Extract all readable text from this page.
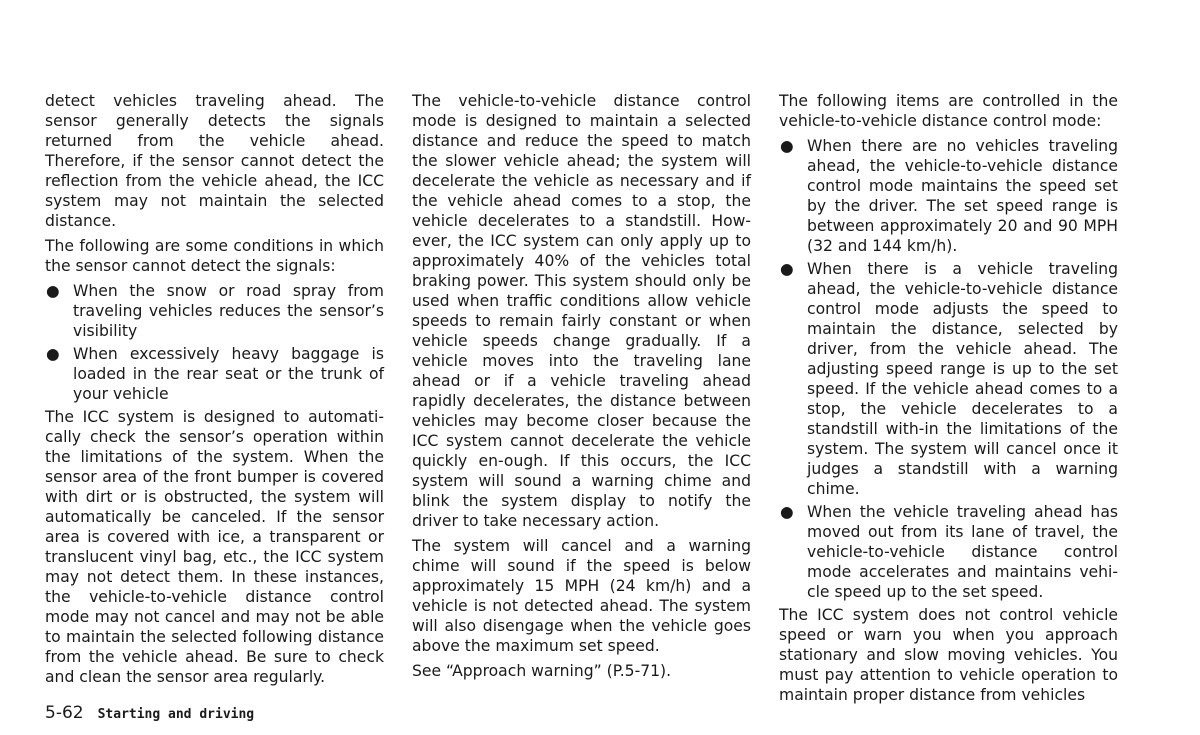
detect vehicles traveling ahead. The sensor generally detects the signals returned from the vehicle ahead. Therefore, if the sensor cannot detect the reflection from the vehicle ahead, the ICC system may not maintain the selected distance.

The following are some conditions in which the sensor cannot detect the signals:

● When the snow or road spray from traveling vehicles reduces the sensor’s visibility
● When excessively heavy baggage is loaded in the rear seat or the trunk of your vehicle

The ICC system is designed to automati-cally check the sensor’s operation within the limitations of the system. When the sensor area of the front bumper is covered with dirt or is obstructed, the system will automatically be canceled. If the sensor area is covered with ice, a transparent or translucent vinyl bag, etc., the ICC system may not detect them. In these instances, the vehicle-to-vehicle distance control mode may not cancel and may not be able to maintain the selected following distance from the vehicle ahead. Be sure to check and clean the sensor area regularly.

The vehicle-to-vehicle distance control mode is designed to maintain a selected distance and reduce the speed to match the slower vehicle ahead; the system will decelerate the vehicle as necessary and if the vehicle ahead comes to a stop, the vehicle decelerates to a standstill. How-ever, the ICC system can only apply up to approximately 40% of the vehicles total braking power. This system should only be used when traffic conditions allow vehicle speeds to remain fairly constant or when vehicle speeds change gradually. If a vehicle moves into the traveling lane ahead or if a vehicle traveling ahead rapidly decelerates, the distance between vehicles may become closer because the ICC system cannot decelerate the vehicle quickly en-ough. If this occurs, the ICC system will sound a warning chime and blink the system display to notify the driver to take necessary action.

The system will cancel and a warning chime will sound if the speed is below approximately 15 MPH (24 km/h) and a vehicle is not detected ahead. The system will also disengage when the vehicle goes above the maximum set speed.

See “Approach warning” (P.5-71).

The following items are controlled in the vehicle-to-vehicle distance control mode:

● When there are no vehicles traveling ahead, the vehicle-to-vehicle distance control mode maintains the speed set by the driver. The set speed range is between approximately 20 and 90 MPH (32 and 144 km/h).
● When there is a vehicle traveling ahead, the vehicle-to-vehicle distance control mode adjusts the speed to maintain the distance, selected by driver, from the vehicle ahead. The adjusting speed range is up to the set speed. If the vehicle ahead comes to a stop, the vehicle decelerates to a standstill with-in the limitations of the system. The system will cancel once it judges a standstill with a warning chime.
● When the vehicle traveling ahead has moved out from its lane of travel, the vehicle-to-vehicle distance control mode accelerates and maintains vehi-cle speed up to the set speed.

The ICC system does not control vehicle speed or warn you when you approach stationary and slow moving vehicles. You must pay attention to vehicle operation to maintain proper distance from vehicles

5-62 Starting and driving
